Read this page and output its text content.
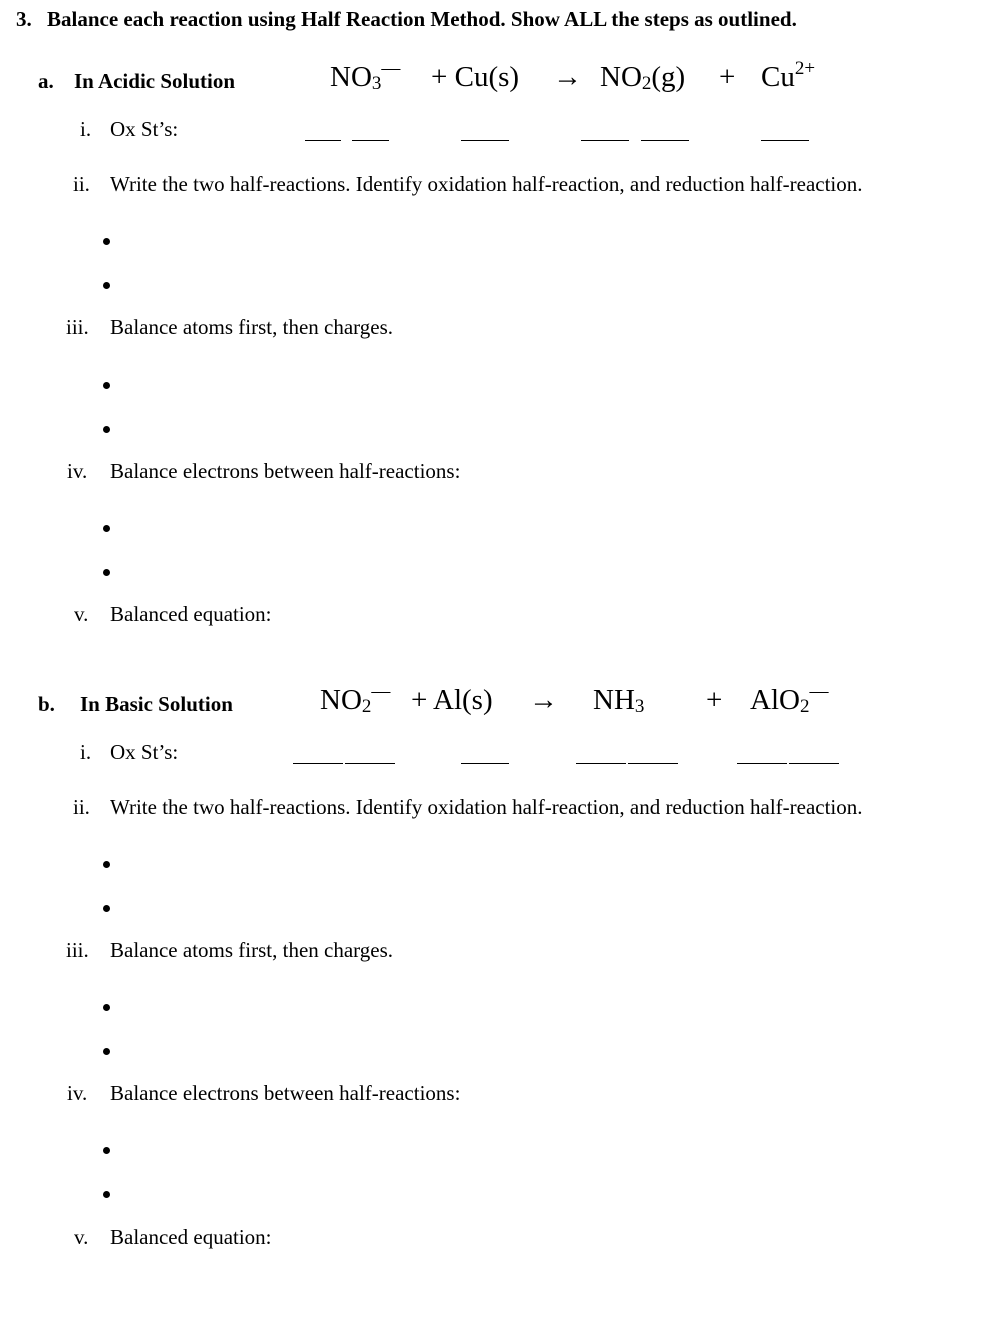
3. Balance each reaction using Half Reaction Method. Show ALL the steps as outlined.
a. In Acidic Solution	$NO_3^— + Cu(s) \to NO_2(g) + Cu^{2+}$
i. Ox St’s:
ii. Write the two half-reactions. Identify oxidation half-reaction, and reduction half-reaction.
iii. Balance atoms first, then charges.
iv. Balance electrons between half-reactions:
v. Balanced equation:
b. In Basic Solution	$NO_2^— + Al(s) \to NH_3 + AlO_2^—$
i. Ox St’s:
ii. Write the two half-reactions. Identify oxidation half-reaction, and reduction half-reaction.
iii. Balance atoms first, then charges.
iv. Balance electrons between half-reactions:
v. Balanced equation:
